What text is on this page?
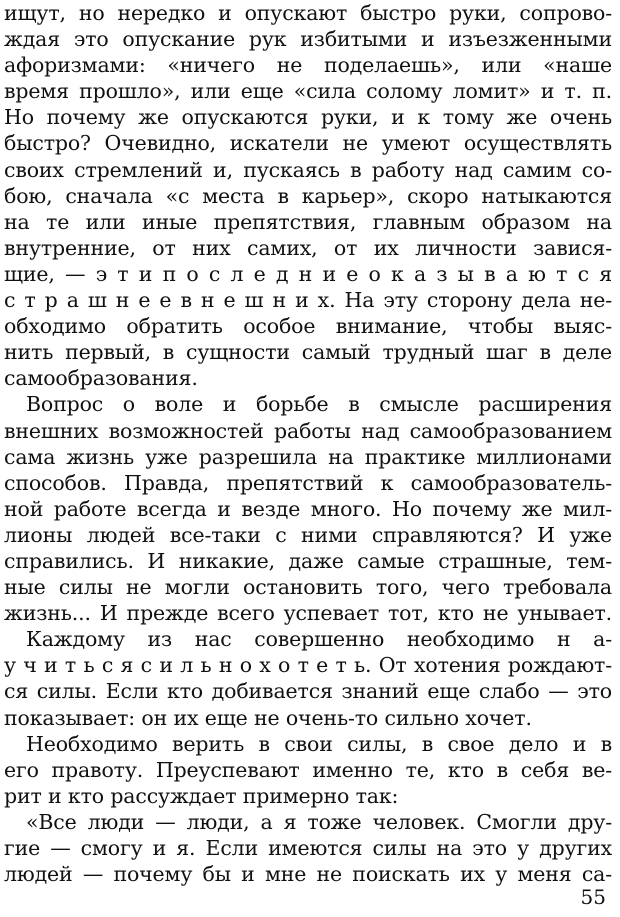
ищут, но нередко и опускают быстро руки, сопрово-
ждая это опускание рук избитыми и изъезженными
афоризмами: «ничего не поделаешь», или «наше
время прошло», или еще «сила солому ломит» и т. п.
Но почему же опускаются руки, и к тому же очень
быстро? Очевидно, искатели не умеют осуществлять
своих стремлений и, пускаясь в работу над самим со-
бою, сначала «с места в карьер», скоро натыкаются
на те или иные препятствия, главным образом на
внутренние, от них самих, от их личности завися-
щие, — э т и п о с л е д н и е о к а з ы в а ю т с я
с т р а ш н е е в н е ш н и х. На эту сторону дела не-
обходимо обратить особое внимание, чтобы выяс-
нить первый, в сущности самый трудный шаг в деле
самообразования.
Вопрос о воле и борьбе в смысле расширения
внешних возможностей работы над самообразованием
сама жизнь уже разрешила на практике миллионами
способов. Правда, препятствий к самообразователь-
ной работе всегда и везде много. Но почему же мил-
лионы людей все-таки с ними справляются? И уже
справились. И никакие, даже самые страшные, тем-
ные силы не могли остановить того, чего требовала
жизнь... И прежде всего успевает тот, кто не унывает.
Каждому из нас совершенно необходимо н а-
у ч и т ь с я с и л ь н о х о т е т ь. От хотения рождают-
ся силы. Если кто добивается знаний еще слабо — это
показывает: он их еще не очень-то сильно хочет.
Необходимо верить в свои силы, в свое дело и в
его правоту. Преуспевают именно те, кто в себя ве-
рит и кто рассуждает примерно так:
«Все люди — люди, а я тоже человек. Смогли дру-
гие — смогу и я. Если имеются силы на это у других
людей — почему бы и мне не поискать их у меня са-
55
